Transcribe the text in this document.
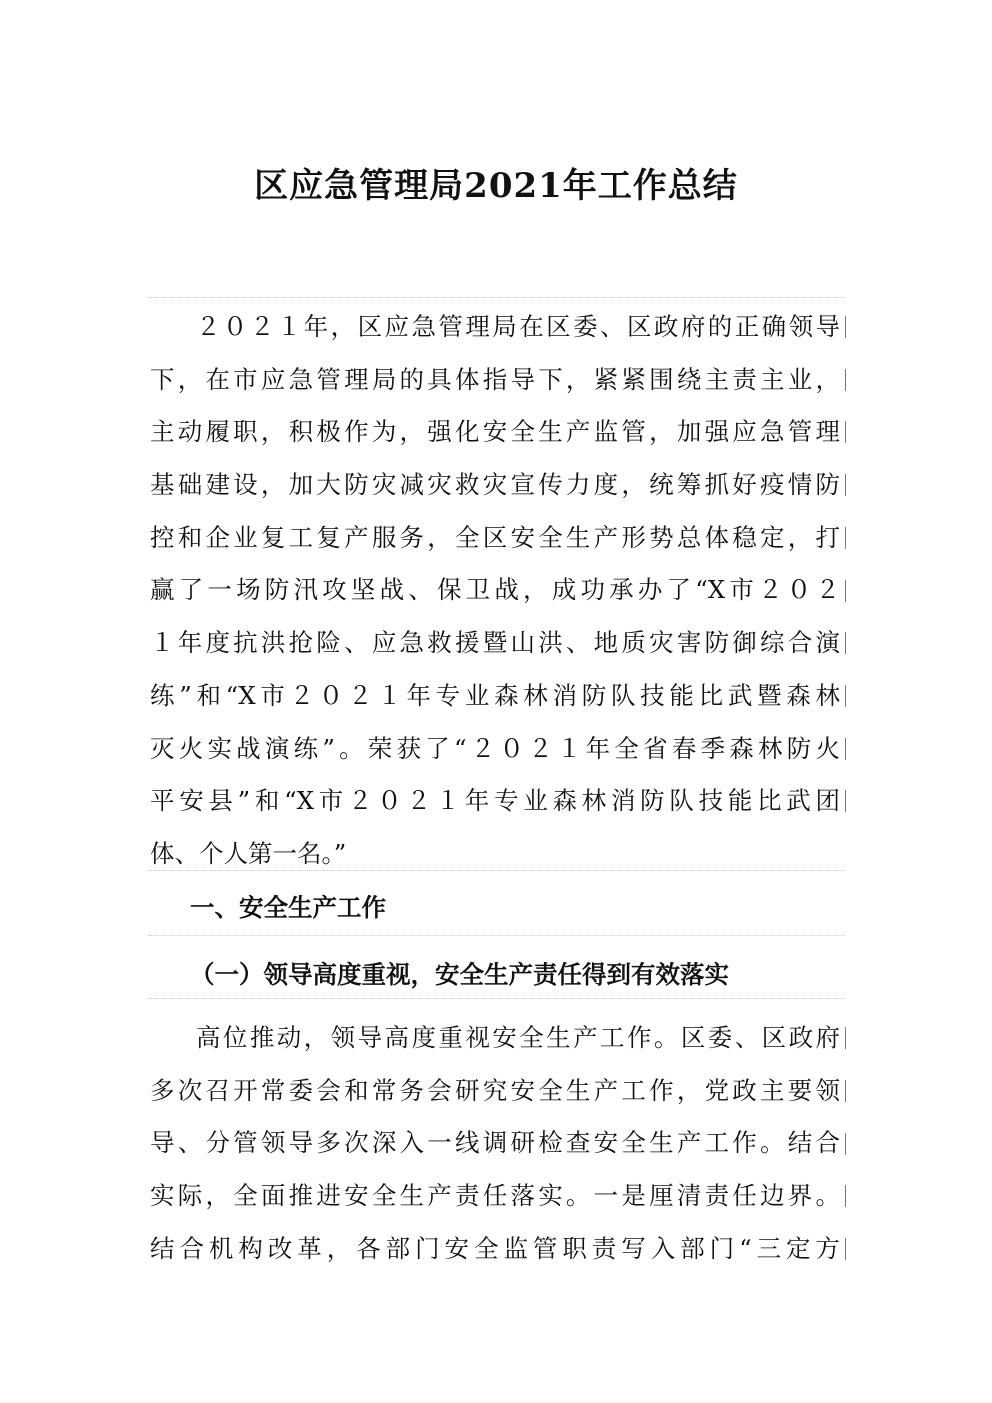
区应急管理局2021年工作总结
２０２１年，区应急管理局在区委、区政府的正确领导
下，在市应急管理局的具体指导下，紧紧围绕主责主业，
主动履职，积极作为，强化安全生产监管，加强应急管理
基础建设，加大防灾减灾救灾宣传力度，统筹抓好疫情防
控和企业复工复产服务，全区安全生产形势总体稳定，打
赢了一场防汛攻坚战、保卫战，成功承办了“X市２０２
１年度抗洪抢险、应急救援暨山洪、地质灾害防御综合演
练”和“X市２０２１年专业森林消防队技能比武暨森林
灭火实战演练”。荣获了“２０２１年全省春季森林防火
平安县”和“X市２０２１年专业森林消防队技能比武团
体、个人第一名。”
一、安全生产工作
（一）领导高度重视，安全生产责任得到有效落实
高位推动，领导高度重视安全生产工作。区委、区政府
多次召开常委会和常务会研究安全生产工作，党政主要领
导、分管领导多次深入一线调研检查安全生产工作。结合
实际，全面推进安全生产责任落实。一是厘清责任边界。
结合机构改革，各部门安全监管职责写入部门“三定方
